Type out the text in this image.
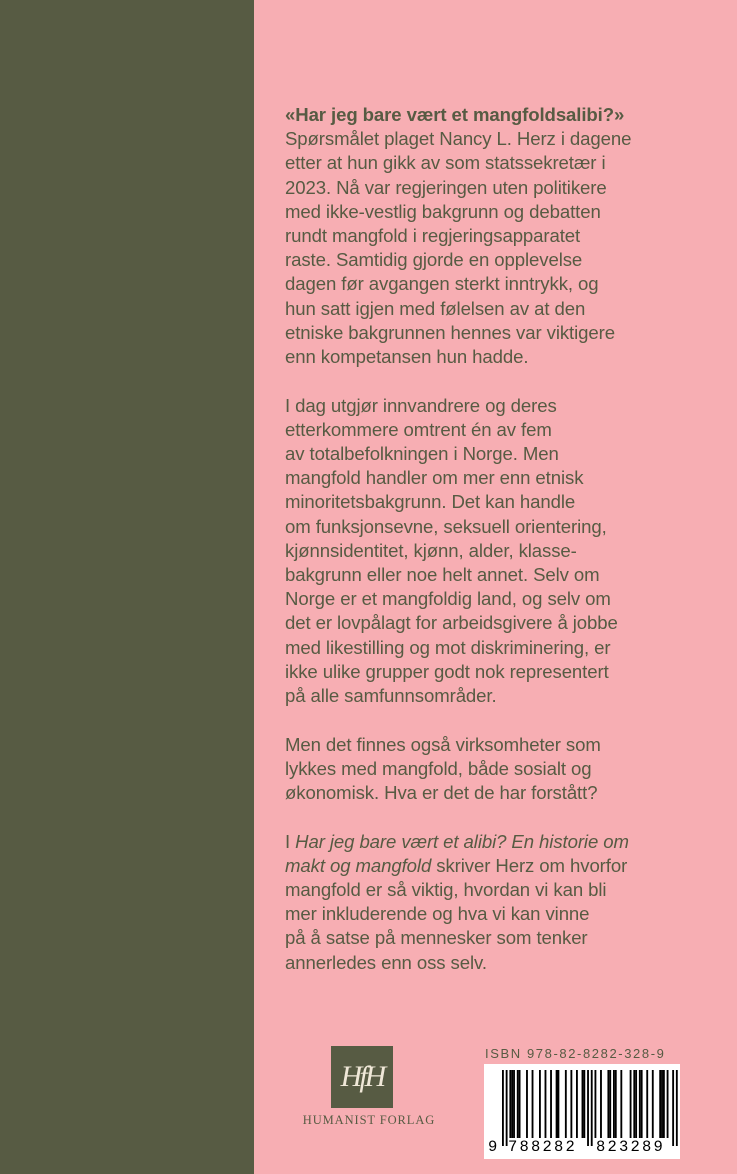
«Har jeg bare vært et mangfoldsalibi?»
Spørsmålet plaget Nancy L. Herz i dagene
etter at hun gikk av som statssekretær i
2023. Nå var regjeringen uten politikere
med ikke-vestlig bakgrunn og debatten
rundt mangfold i regjeringsapparatet
raste. Samtidig gjorde en opplevelse
dagen før avgangen sterkt inntrykk, og
hun satt igjen med følelsen av at den
etniske bakgrunnen hennes var viktigere
enn kompetansen hun hadde.

I dag utgjør innvandrere og deres
etterkommere omtrent én av fem
av totalbefolkningen i Norge. Men
mangfold handler om mer enn etnisk
minoritetsbakgrunn. Det kan handle
om funksjonsevne, seksuell orientering,
kjønnsidentitet, kjønn, alder, klasse-
bakgrunn eller noe helt annet. Selv om
Norge er et mangfoldig land, og selv om
det er lovpålagt for arbeidsgivere å jobbe
med likestilling og mot diskriminering, er
ikke ulike grupper godt nok representert
på alle samfunnsområder.

Men det finnes også virksomheter som
lykkes med mangfold, både sosialt og
økonomisk. Hva er det de har forstått?

I Har jeg bare vært et alibi? En historie om
makt og mangfold skriver Herz om hvorfor
mangfold er så viktig, hvordan vi kan bli
mer inkluderende og hva vi kan vinne
på å satse på mennesker som tenker
annerledes enn oss selv.

HfH
HUMANIST FORLAG
ISBN 978-82-8282-328-9
9 788282 823289
